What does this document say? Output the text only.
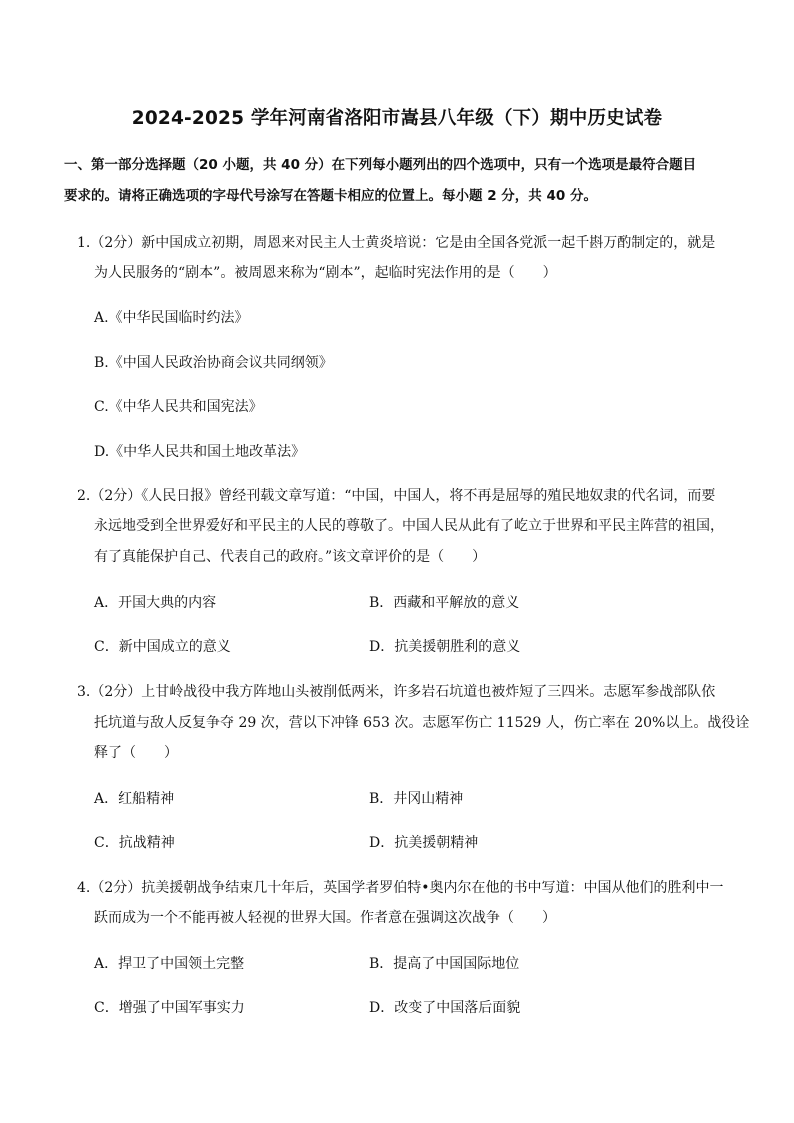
2024-2025 学年河南省洛阳市嵩县八年级（下）期中历史试卷
一、第一部分选择题（20 小题，共 40 分）在下列每小题列出的四个选项中，只有一个选项是最符合题目
要求的。请将正确选项的字母代号涂写在答题卡相应的位置上。每小题 2 分，共 40 分。
1.（2分）新中国成立初期，周恩来对民主人士黄炎培说：它是由全国各党派一起千斟万酌制定的，就是
为人民服务的“剧本”。被周恩来称为“剧本”，起临时宪法作用的是（　　）
A.《中华民国临时约法》
B.《中国人民政治协商会议共同纲领》
C.《中华人民共和国宪法》
D.《中华人民共和国土地改革法》
2.（2分）《人民日报》曾经刊载文章写道：“中国，中国人，将不再是屈辱的殖民地奴隶的代名词，而要
永远地受到全世界爱好和平民主的人民的尊敬了。中国人民从此有了屹立于世界和平民主阵营的祖国，
有了真能保护自己、代表自己的政府。”该文章评价的是（　　）
A．开国大典的内容	B．西藏和平解放的意义
C．新中国成立的意义	D．抗美援朝胜利的意义
3.（2分）上甘岭战役中我方阵地山头被削低两米，许多岩石坑道也被炸短了三四米。志愿军参战部队依
托坑道与敌人反复争夺 29 次，营以下冲锋 653 次。志愿军伤亡 11529 人，伤亡率在 20%以上。战役诠
释了（　　）
A．红船精神	B．井冈山精神
C．抗战精神	D．抗美援朝精神
4.（2分）抗美援朝战争结束几十年后，英国学者罗伯特•奥内尔在他的书中写道：中国从他们的胜利中一
跃而成为一个不能再被人轻视的世界大国。作者意在强调这次战争（　　）
A．捍卫了中国领土完整	B．提高了中国国际地位
C．增强了中国军事实力	D．改变了中国落后面貌
